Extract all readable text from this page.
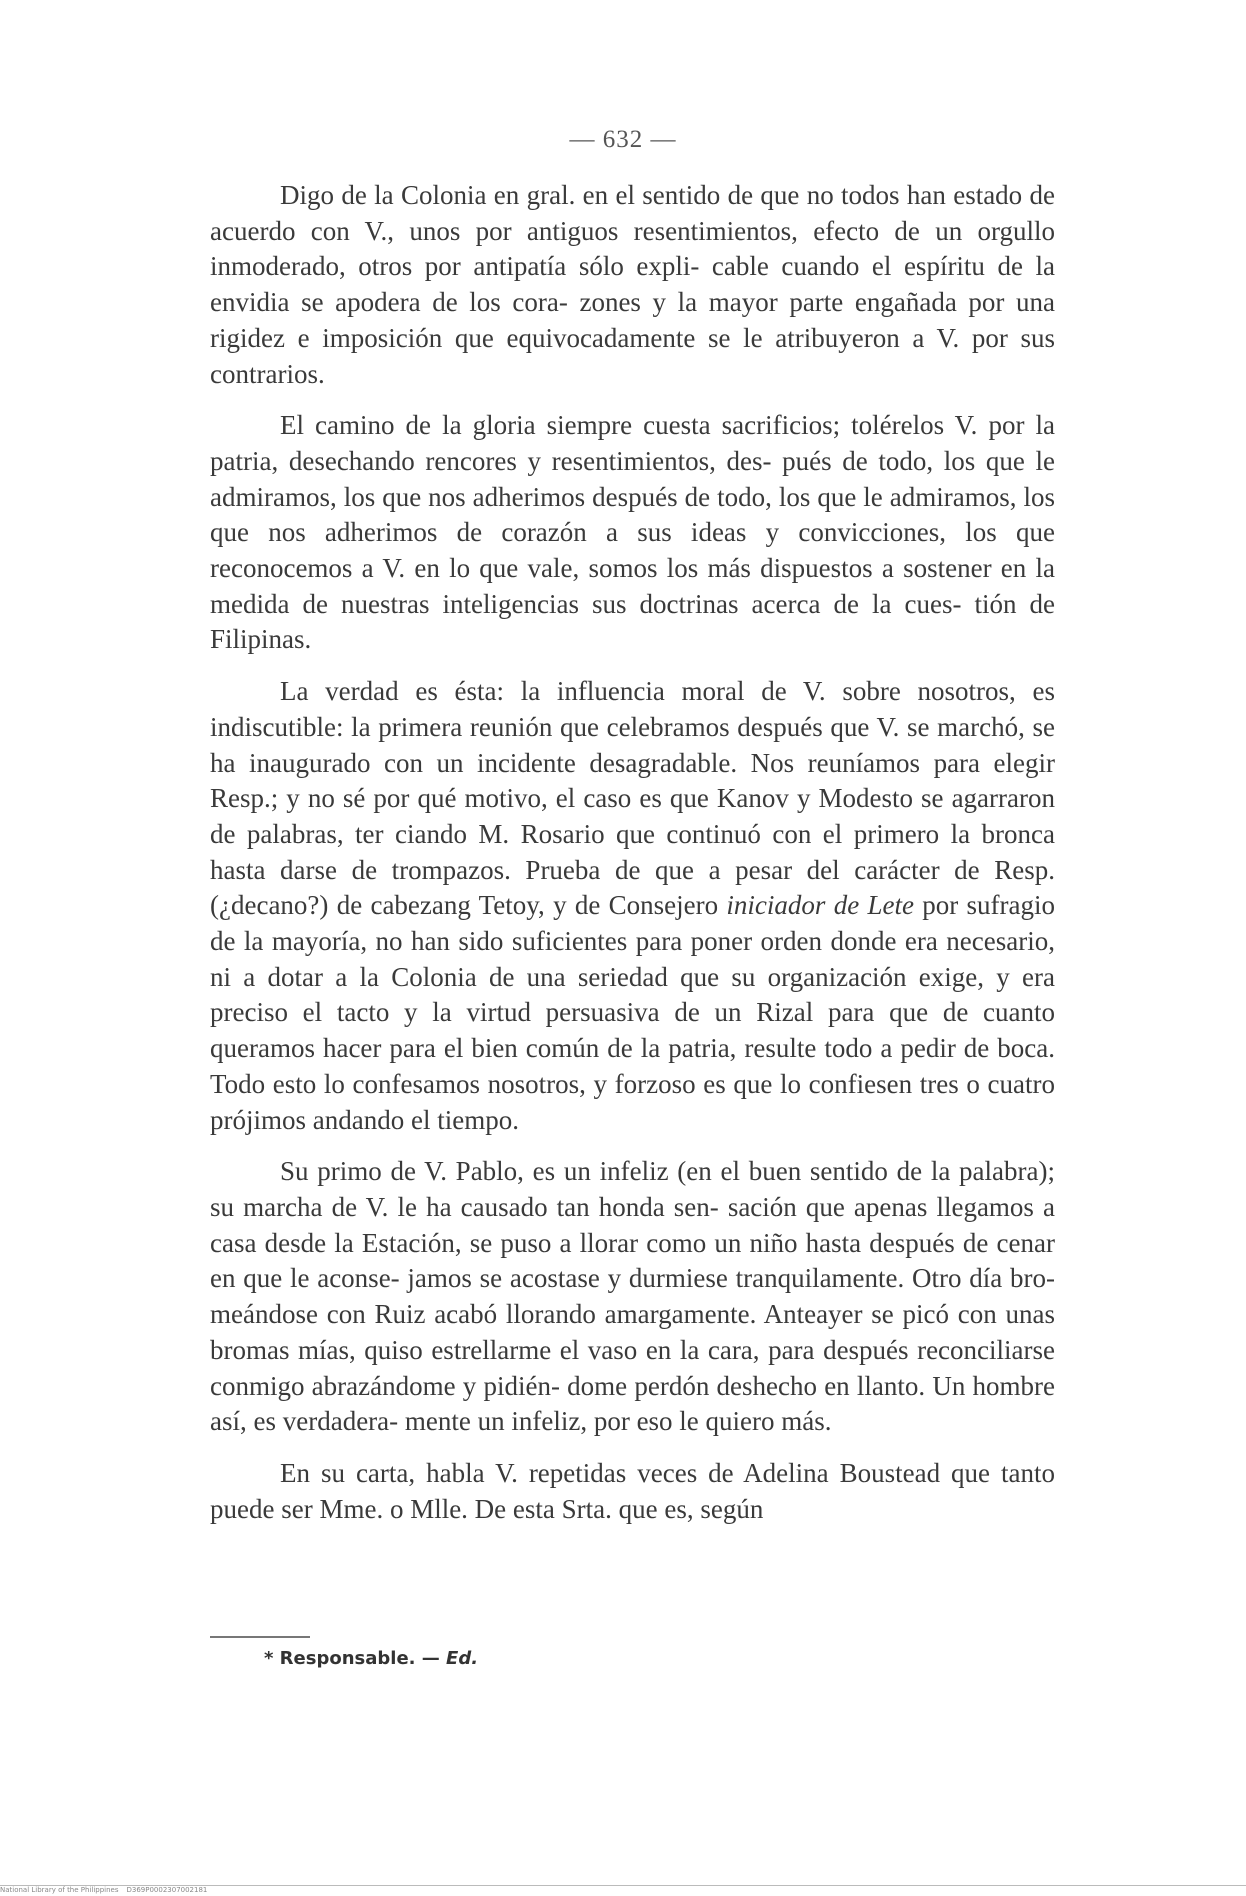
— 632 —

Digo de la Colonia en gral. en el sentido de que no todos han estado de acuerdo con V., unos por antiguos resentimientos, efecto de un orgullo inmoderado, otros por antipatía sólo expli- cable cuando el espíritu de la envidia se apodera de los cora- zones y la mayor parte engañada por una rigidez e imposición que equivocadamente se le atribuyeron a V. por sus contrarios.

El camino de la gloria siempre cuesta sacrificios; tolérelos V. por la patria, desechando rencores y resentimientos, des- pués de todo, los que le admiramos, los que nos adherimos después de todo, los que le admiramos, los que nos adherimos de corazón a sus ideas y convicciones, los que reconocemos a V. en lo que vale, somos los más dispuestos a sostener en la medida de nuestras inteligencias sus doctrinas acerca de la cues- tión de Filipinas.

La verdad es ésta: la influencia moral de V. sobre nosotros, es indiscutible: la primera reunión que celebramos después que V. se marchó, se ha inaugurado con un incidente desagradable. Nos reuníamos para elegir Resp.; y no sé por qué motivo, el caso es que Kanov y Modesto se agarraron de palabras, ter ciando M. Rosario que continuó con el primero la bronca hasta darse de trompazos. Prueba de que a pesar del carácter de Resp. (¿decano?) de cabezang Tetoy, y de Consejero iniciador de Lete por sufragio de la mayoría, no han sido suficientes para poner orden donde era necesario, ni a dotar a la Colonia de una seriedad que su organización exige, y era preciso el tacto y la virtud persuasiva de un Rizal para que de cuanto queramos hacer para el bien común de la patria, resulte todo a pedir de boca. Todo esto lo confesamos nosotros, y forzoso es que lo confiesen tres o cuatro prójimos andando el tiempo.

Su primo de V. Pablo, es un infeliz (en el buen sentido de la palabra); su marcha de V. le ha causado tan honda sen- sación que apenas llegamos a casa desde la Estación, se puso a llorar como un niño hasta después de cenar en que le aconse- jamos se acostase y durmiese tranquilamente. Otro día bro- meándose con Ruiz acabó llorando amargamente. Anteayer se picó con unas bromas mías, quiso estrellarme el vaso en la cara, para después reconciliarse conmigo abrazándome y pidién- dome perdón deshecho en llanto. Un hombre así, es verdadera- mente un infeliz, por eso le quiero más.

En su carta, habla V. repetidas veces de Adelina Boustead que tanto puede ser Mme. o Mlle. De esta Srta. que es, según

* Responsable. — Ed.
National Library of the Philippines D369P0002307002181
